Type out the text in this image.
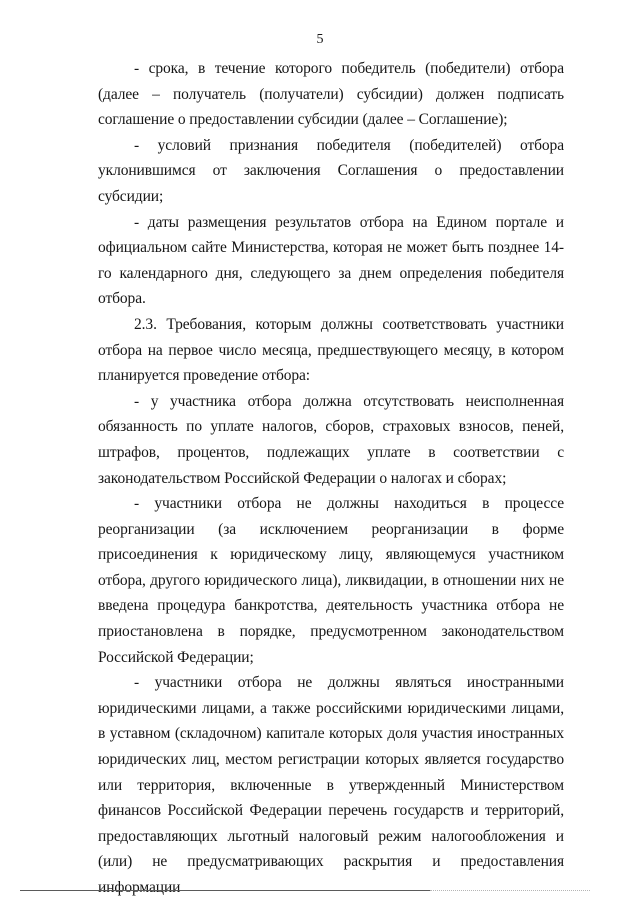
5

- срока, в течение которого победитель (победители) отбора (далее – получатель (получатели) субсидии) должен подписать соглашение о предоставлении субсидии (далее – Соглашение);

- условий признания победителя (победителей) отбора уклонившимся от заключения Соглашения о предоставлении субсидии;

- даты размещения результатов отбора на Едином портале и официальном сайте Министерства, которая не может быть позднее 14-го календарного дня, следующего за днем определения победителя отбора.

2.3. Требования, которым должны соответствовать участники отбора на первое число месяца, предшествующего месяцу, в котором планируется проведение отбора:

- у участника отбора должна отсутствовать неисполненная обязанность по уплате налогов, сборов, страховых взносов, пеней, штрафов, процентов, подлежащих уплате в соответствии с законодательством Российской Федерации о налогах и сборах;

- участники отбора не должны находиться в процессе реорганизации (за исключением реорганизации в форме присоединения к юридическому лицу, являющемуся участником отбора, другого юридического лица), ликвидации, в отношении них не введена процедура банкротства, деятельность участника отбора не приостановлена в порядке, предусмотренном законодательством Российской Федерации;

- участники отбора не должны являться иностранными юридическими лицами, а также российскими юридическими лицами, в уставном (складочном) капитале которых доля участия иностранных юридических лиц, местом регистрации которых является государство или территория, включенные в утвержденный Министерством финансов Российской Федерации перечень государств и территорий, предоставляющих льготный налоговый режим налогообложения и (или) не предусматривающих раскрытия и предоставления информации
